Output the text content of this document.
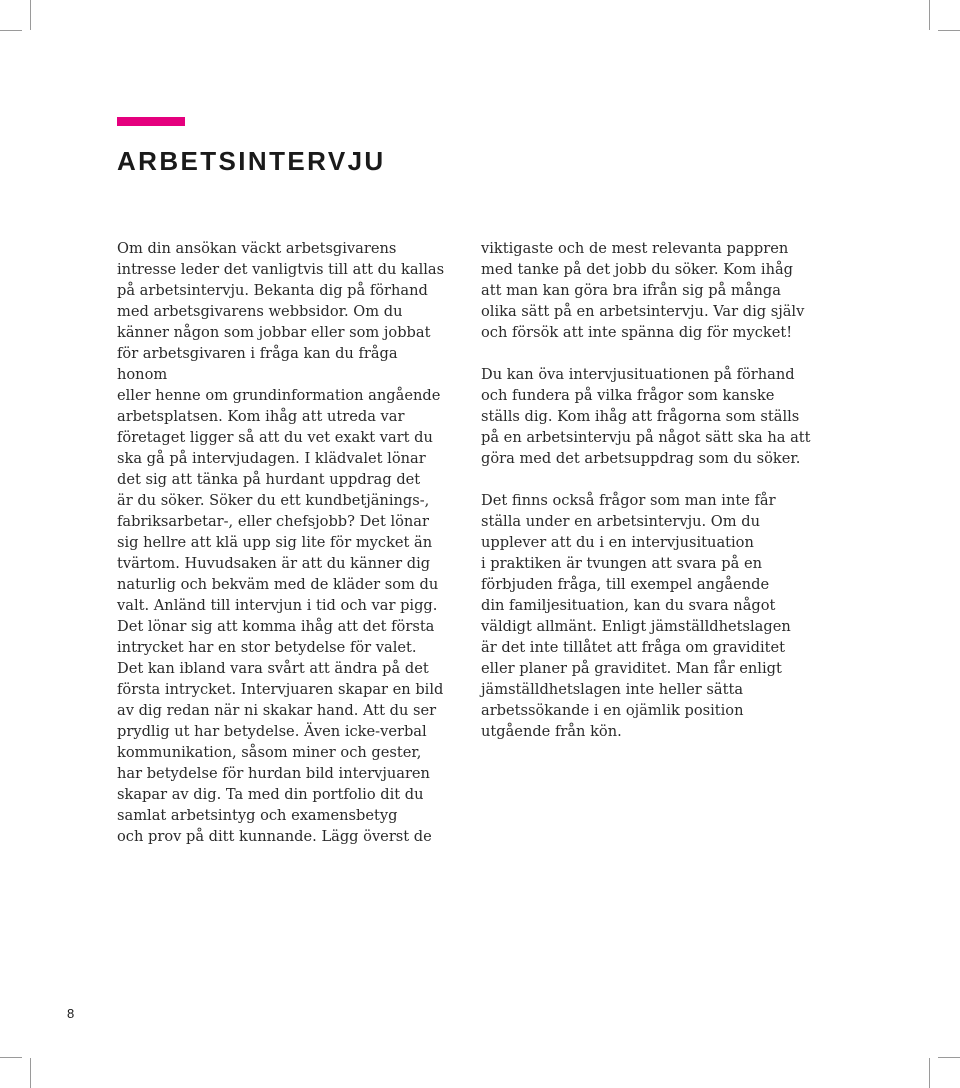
ARBETSINTERVJU

Om din ansökan väckt arbetsgivarens
intresse leder det vanligtvis till att du kallas
på arbetsintervju. Bekanta dig på förhand
med arbetsgivarens webbsidor. Om du
känner någon som jobbar eller som jobbat
för arbetsgivaren i fråga kan du fråga honom
eller henne om grundinformation angående
arbetsplatsen. Kom ihåg att utreda var
företaget ligger så att du vet exakt vart du
ska gå på intervjudagen. I klädvalet lönar
det sig att tänka på hurdant uppdrag det
är du söker. Söker du ett kundbetjänings-,
fabriksarbetar-, eller chefsjobb? Det lönar
sig hellre att klä upp sig lite för mycket än
tvärtom. Huvudsaken är att du känner dig
naturlig och bekväm med de kläder som du
valt. Anländ till intervjun i tid och var pigg.
Det lönar sig att komma ihåg att det första
intrycket har en stor betydelse för valet.
Det kan ibland vara svårt att ändra på det
första intrycket. Intervjuaren skapar en bild
av dig redan när ni skakar hand. Att du ser
prydlig ut har betydelse. Även icke-verbal
kommunikation, såsom miner och gester,
har betydelse för hurdan bild intervjuaren
skapar av dig. Ta med din portfolio dit du
samlat arbetsintyg och examensbetyg
och prov på ditt kunnande. Lägg överst de

viktigaste och de mest relevanta pappren
med tanke på det jobb du söker. Kom ihåg
att man kan göra bra ifrån sig på många
olika sätt på en arbetsintervju. Var dig själv
och försök att inte spänna dig för mycket!

Du kan öva intervjusituationen på förhand
och fundera på vilka frågor som kanske
ställs dig. Kom ihåg att frågorna som ställs
på en arbetsintervju på något sätt ska ha att
göra med det arbetsuppdrag som du söker.

Det finns också frågor som man inte får
ställa under en arbetsintervju. Om du
upplever att du i en intervjusituation
i praktiken är tvungen att svara på en
förbjuden fråga, till exempel angående
din familjesituation, kan du svara något
väldigt allmänt. Enligt jämställdhetslagen
är det inte tillåtet att fråga om graviditet
eller planer på graviditet. Man får enligt
jämställdhetslagen inte heller sätta
arbetssökande i en ojämlik position
utgående från kön.

8
